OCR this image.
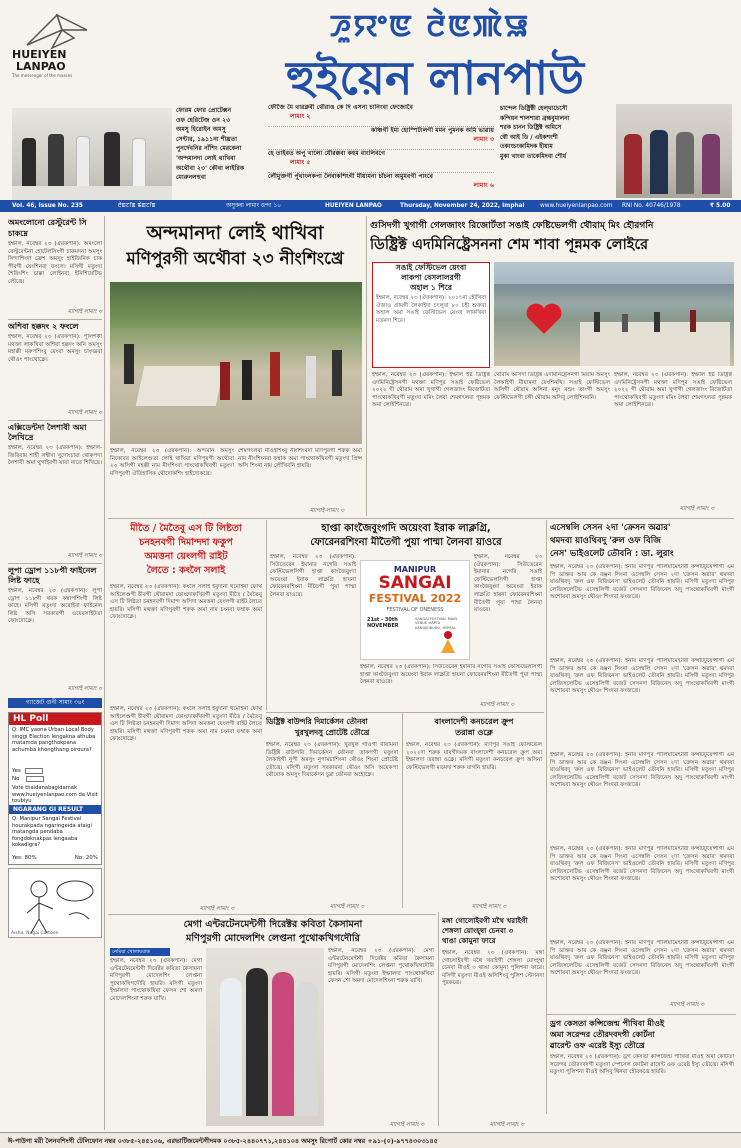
HUEIYEN
LANPAO
The messenger of the masses
ꯍꯨꯌꯦꯟ ꯂꯥꯟꯄꯥꯎ
হুইয়েন লানপাউ
ফোরম ফোর প্রোটেক্সন
ওফ হেরিটেজ ওন ২৩
অমসু হিরোইন অমসু
সেন্টার, ১৯১১না শীঘ্রতা
পুনর্দেবনির নাঁশিং মেরকেনা
'অন্দমানদা লোই থাখিবা
অথৌবা ২৩' কৌবা লাইরিক
মোরুনলহুবা
ফৌজৈ মৈ থারক্লবী থৌরাঙ কে দি এসনা চানিংবা ফেজোবৈ
লামাং ২
কঞ্চিগী ইমা হোস্পিটালগী মমন পুমনক অমি ভাৱায়
লামাং ৩
হে তাইবত অপু খালো যৌরক্কবা কহম বাংলিবগে
লামাং ৫
লৌমুক্তগী পুঁথাংলকপা লৈবাকশিংগী মীয়ামনা চাঁচনা অমুমবগী পাংবে
লামাং ৬
চান্দেল ডিষ্ট্রিক্টী হেল্থ্যচেসৌ
কন্দিয়ন শালশারা ব্রহ্মবুমালনা
শরক চানন ডিষ্ট্রিক্ট অমিসে
স্বৌ আই ডি / এইকশংশী
তকাংচংকামিদক হীয়াম
মুকা খাংবা তাকেমিদবা শৌর্য
Vol. 46, Issue No. 235	ꯂꯥꯡꯖꯤꯡ ꯃꯥꯡꯖꯤꯡ	অসুকৰা লামাং ঙন্দা ১০	HUEIYEN LANPAO	Thursday, November 24, 2022, Imphal	www.hueiyenlanpao.com RNI No. 40746/1978	₹ 5.00
অমংলোনো রেস্টুরেন্ট সি চাকম্নে
ইম্ফাল, নবেম্বর ২৩ (ঐরকপান): অমংলো রেস্টুরেন্টনা হোটেলসিংগী চাকমদনা অমসুং সিন্দাশিংদা ফ্রেশ অমসুং হাইজিনিক চাক পীবগী যেংশিনবা ফংলে। মসিগী মতুংদা শৈরিংশিং চাক্কা লোইনবা ইনিশিয়েটিভ লৌখ্রে।
ম্যাগাই লামাং ৩
অশিবা হক্কদং ২ ফংলে
ইম্ফাল, নবেম্বর ২৩ (ঐরকপান): পুলিশকী মথক্তা লাকখিবা অশিবা হক্কদং অনি অমসুং মহাক্কী মরুপশিংবু য়েংবা অমসুং চাংদম্নবা থৌওং পাংথোক্লে।
ম্যাগাই লামাং ৩
এক্সিডেন্টদা লৈশাবী অমা লৈখিদ্রে
ইম্ফাল, নবেম্বর ২৩ (ঐরকপান): ইম্ফাল-জিরিবাম শাহী লম্বীদা খুদোংচাবা থোকপদা লৈশাবী অমা থুগাইবগী য়াবা নাতে শিখিদ্রে।
ম্যাগাই লামাং ৩
লুপা ড্রোপ ১১৮গী ফাইনেল লিষ্ট ফাহে
ইম্ফাল, নবেম্বর ২৩ (ঐরকপান): লুপা ড্রোপ ১১৮গী থবক কম্বাপশিংগী লিষ্ট ফাহে। মসিগী মতুংদা অরোইবা ফাইনেল লিষ্ট অসি সরকারগী ওয়েবসাইটতা ফোংদোক্লে।
ম্যাগাই লামাং ৩
গ্যাজেট গুনী সামাং ৩৪ং
HL Poll
Q: IMC yaona Urban Local Body singgi Election lengakna athuba matamda pangthokpana achumba khongthang oiroura?
Yes
No
Vote thaidanabagidamak www.hueiyenlanpao.com da Visit toubiyu
NGARANG GI RESULT
Q: Manipur Sangai Festival hourakpada ngaringeida ataigi matangda pendaba fongdoknakpas lengaaba kokadigra?
Yes: 80%	No: 20%
Aisha, Nagai Cartoon
অন্দমানদা লোই থাখিবা
মণিপুরগী অথৌবা ২৩ নীংশিংখ্রে
ইম্ফাল, নবেম্বর ২৩ (ঐরকপান): অন্দমান অমসুং নিকোবর আইলেণ্ডতা লোই থাখিবা মণিপুরগী অথৌবা ২৩ অসিগী মহক্কী নাম নীংশিংবা পাংথোকখিবগী মতুংদা মণিপুরগী ঐতিহাসিক থৌদোকশিং হাইদোকখ্রে।
শেমগৎলবা মীওইশিংবু নীংশিংবদা মণিপুরগী শরুক অমা নাম নীংশিংনবা ফম্বাক অমা পাংথোকখিবগী মতুংদা প্রিন্স অসি শিংনা নাম লৌখিবনি হায়রি।
ম্যাগাই লামাং ৩
গুসিদগী খুগাগী গেলজাংং রিজোর্টতা সঙাই ফেষ্টিভেলগী থৌরাম্ মিং হৌরগনি
ডিষ্ট্রিক্ট এদমিনিষ্ট্রেসননা শেম শাবা পূন্নমক লোইরে
সঙাই ফেস্টিভেল য়েংবা
লাকপা বেসলালরগী
অহাল ১ শিরে
ইম্ফাল, নবেম্বর ২৩ (ঐরকপান): ২০১৭না হৌখিবা ঐজাও গ্রামগী লৈকাইদা চৎলুবা ৮০ চহী শুরুবা অহাল অমা সঙাই ফেস্টিভেল য়েংবা লাকখিবা মতমদা শিরে।
ইম্ফাল, নবেম্বর ২৩ (ঐরকপান): ইম্ফাল ইষ্ট ডিষ্ট্রিক্ট এদমিনিষ্ট্রেসনগী মথক্তা মণিপুর সঙাই ফেষ্টিভেল ২০২২ গী থৌরাম অমা খুগাগী গেলজাংং রিজোর্টতা পাংথোকখিবগী মতুংদা মমিং লৈবা শেমগৎলবা পূন্নমক অমা লোইশিনখ্রে।
থৌরাম অসিদা ডিষ্ট্রিক্ট এদমিনিষ্ট্রেসনগী মিয়াম অমসুং লৈকাইগী মীয়ামনা য়েংশিনখি। সঙাই ফেস্টিভেল অসিগী থৌরাম অসিনা মনুং মশুং তাংগী অমসুং ফেস্টিভেলগী চঙ্গী থৌরাম অসিবু লোইশিনবনি।
ইম্ফাল, নবেম্বর ২৩ (ঐরকপান): ইম্ফাল ইষ্ট ডিষ্ট্রিক্ট এদমিনিষ্ট্রেসনগী মথক্তা মণিপুর সঙাই ফেষ্টিভেল ২০২২ গী থৌরাম অমা খুগাগী গেলজাংং রিজোর্টতা পাংথোকখিবগী মতুংদা মমিং লৈবা শেমগৎলবা পূন্নমক অমা লোইশিনখ্রে।
ম্যাগাই লামাং ৩
মীতৈ / মৈতৈবু এস টি লিষ্টতা
চনহনবগী দিমান্দদা ফকুপ
অমত্তনা য়েংলগী রাইট
লৈতে : কংলৈ সলাই
ইম্ফাল, নবেম্বর ২৩ (ঐরকপান): কংলৈ সলাই ইবুদানা থমোইনা ফোর্থ আইলেণ্ডগী চীবগী থৌরামদা ফোংদোকখিবগী মতুংদা মীতৈ / মৈতৈবু এস টি লিষ্টতা চনহনবগী দিমান্দ অসিদা অমত্তনা য়েংলগী রাইট লৈতে হায়রি। মসিগী মথক্তা মণিপুরগী শরুক অমা নাম চংনবা ফম্বাক অমা ফোংদোক্লে।
ইম্ফাল, নবেম্বর ২৩ (ঐরকপান): কংলৈ সলাই ইবুদানা থমোইনা ফোর্থ আইলেণ্ডগী চীবগী থৌরামদা ফোংদোকখিবগী মতুংদা মীতৈ / মৈতৈবু এস টি লিষ্টতা চনহনবগী দিমান্দ অসিদা অমত্তনা য়েংলগী রাইট লৈতে হায়রি। মসিগী মথক্তা মণিপুরগী শরুক অমা নাম চংনবা ফম্বাক অমা ফোংদোক্লে।
ম্যাগাই লামাং ৩
হাপ্তা কাংজৈবুংগদি অয়েংবা ইরাক লাক্লগ্রি,
ফোরেনরশিংনা মীতৈগী পুয়া পাম্মা লৈনবা য়াওরে
ইম্ফাল, নবেম্বর ২৩ (ঐরকপান): সিউতেরেন ইমানার নগেরি সঙাই ফেস্টিভেলসিগী হাপ্তা কাংজৈবুংদা অয়েংবা ইরাক লাক্লগ্রি হায়না ফোরেনরশিংনা মীতৈগী পুয়া পাম্মা লৈনবা য়াওরে।
MANIPUR
SANGAI
FESTIVAL 2022
FESTIVAL OF ONENESS
21st - 30th NOVEMBER
SANGAI FESTIVAL MAIN VENUE HAPTA KANGJEIBUNG, IMPHAL
ইম্ফাল, নবেম্বর ২৩ (ঐরকপান): সিউতেরেন ইমানার নগেরি সঙাই ফেস্টিভেলসিগী হাপ্তা কাংজৈবুংদা অয়েংবা ইরাক লাক্লগ্রি হায়না ফোরেনরশিংনা মীতৈগী পুয়া পাম্মা লৈনবা য়াওরে।
ইম্ফাল, নবেম্বর ২৩ (ঐরকপান): সিউতেরেন ইমানার নগেরি সঙাই ফেস্টিভেলসিগী হাপ্তা কাংজৈবুংদা অয়েংবা ইরাক লাক্লগ্রি হায়না ফোরেনরশিংনা মীতৈগী পুয়া পাম্মা লৈনবা য়াওরে।
ম্যাগাই লামাং ৩
এসেম্বলি সেসন ২দা 'ক্রেসন অৱার'
থমদবা য়াওথিবদু 'রুল ওফ বিজি
নেস' ভাইওলেট তৌবনি : ডা. লুরাং
ইম্ফাল, নবেম্বর ২৩ (ঐরকপান): ইনার মণিপুর পার্লিয়ামেন্টারী কন্সটিটুয়েন্সীগী এম পি ডাক্তর আর কে রঞ্জন সিংনা এসেম্বলি সেসন ২দা 'ক্রেসন অৱার' থমদবা য়াওথিবদু 'রুল ওফ বিজিনেস' ভাইওলেট তৌবনি হায়রি। মসিগী মতুংদা মণিপুর লেজিসলেটিভ এসেম্বলিগী বজেট সেসনদা বিজিনেস অদু পাংথোকখিবগী মাংগী অশোয়বা অমসুং থৌওং শিংদবা ফংজখ্রে।
ইম্ফাল, নবেম্বর ২৩ (ঐরকপান): ইনার মণিপুর পার্লিয়ামেন্টারী কন্সটিটুয়েন্সীগী এম পি ডাক্তর আর কে রঞ্জন সিংনা এসেম্বলি সেসন ২দা 'ক্রেসন অৱার' থমদবা য়াওথিবদু 'রুল ওফ বিজিনেস' ভাইওলেট তৌবনি হায়রি। মসিগী মতুংদা মণিপুর লেজিসলেটিভ এসেম্বলিগী বজেট সেসনদা বিজিনেস অদু পাংথোকখিবগী মাংগী অশোয়বা অমসুং থৌওং শিংদবা ফংজখ্রে।
ইম্ফাল, নবেম্বর ২৩ (ঐরকপান): ইনার মণিপুর পার্লিয়ামেন্টারী কন্সটিটুয়েন্সীগী এম পি ডাক্তর আর কে রঞ্জন সিংনা এসেম্বলি সেসন ২দা 'ক্রেসন অৱার' থমদবা য়াওথিবদু 'রুল ওফ বিজিনেস' ভাইওলেট তৌবনি হায়রি। মসিগী মতুংদা মণিপুর লেজিসলেটিভ এসেম্বলিগী বজেট সেসনদা বিজিনেস অদু পাংথোকখিবগী মাংগী অশোয়বা অমসুং থৌওং শিংদবা ফংজখ্রে।
ইম্ফাল, নবেম্বর ২৩ (ঐরকপান): ইনার মণিপুর পার্লিয়ামেন্টারী কন্সটিটুয়েন্সীগী এম পি ডাক্তর আর কে রঞ্জন সিংনা এসেম্বলি সেসন ২দা 'ক্রেসন অৱার' থমদবা য়াওথিবদু 'রুল ওফ বিজিনেস' ভাইওলেট তৌবনি হায়রি। মসিগী মতুংদা মণিপুর লেজিসলেটিভ এসেম্বলিগী বজেট সেসনদা বিজিনেস অদু পাংথোকখিবগী মাংগী অশোয়বা অমসুং থৌওং শিংদবা ফংজখ্রে।
ইম্ফাল, নবেম্বর ২৩ (ঐরকপান): ইনার মণিপুর পার্লিয়ামেন্টারী কন্সটিটুয়েন্সীগী এম পি ডাক্তর আর কে রঞ্জন সিংনা এসেম্বলি সেসন ২দা 'ক্রেসন অৱার' থমদবা য়াওথিবদু 'রুল ওফ বিজিনেস' ভাইওলেট তৌবনি হায়রি। মসিগী মতুংদা মণিপুর লেজিসলেটিভ এসেম্বলিগী বজেট সেসনদা বিজিনেস অদু পাংথোকখিবগী মাংগী অশোয়বা অমসুং থৌওং শিংদবা ফংজখ্রে।
ম্যাগাই লামাং ৩
ডিষ্ট্রিক্ট বাউন্দরি দিমার্কেসন তৌনবা
খুরখুলদসু প্রোটেষ্ট তৌখ্রে
ইম্ফাল, নবেম্বর ২৩ (ঐরকপান): খুরখুল গাঁওগী মীয়ামনা ডিষ্ট্রিক্ট বাউন্দরি দিমার্কেসন তৌনবা তাকপগী মতুংদা লৈকাইগী নুপী অমসুং নুপামচাশিংনা থৌওং শিংনা প্রোটেষ্ট তৌখ্রে। মসিগী মতুংদা সরকারনা থৌওং অসি অয়েকপা থৌদোক অমসুং দিমার্কেসন চুম্না তৌনবা অহোক্লে।
ম্যাগাই লামাং ৩
বাংলাদেশী কনচরেল ক্রুপ
তরান্না ওক্লে
ইম্ফাল, নবেম্বর ২৩ (ঐরকপান): মণিপুর সঙাই ফেস্টিভেল ২০২২দা শরুক য়াবগীদমক বাংলাদেশী কনচরেল ক্রুপ অমা ইম্ফালদা তরান্না ওক্লে। মসিগী মতুংদা কনচরেল ক্রুপ অসিনা ফেস্টিভেলগী মতমদা শরুক য়াগনি হায়রি।
ম্যাগাই লামাং ৩
মেগা এন্টরটেনমেন্টগী দিরেক্টর কবিতা কৈসামনা
মণিপুরগী মোদেলশিং লেপ্তনা পুথোকখিগদৌরি
নেমিয়া খোলায়বাক
ইম্ফাল, নবেম্বর ২৩ (ঐরকপান): মেগা এন্টরটেনমেন্টগী দিরেক্টর কবিতা কৈসামনা মণিপুরগী মোদেলশিং লেপ্তনা পুথোকখিগদৌরি হায়রি। মসিগী মতুংদা ইম্ফালদা পাংথোকখিবা ফেসন শো অমদা মোদেলশিংনা শরুক য়াখি।
ইম্ফাল, নবেম্বর ২৩ (ঐরকপান): মেগা এন্টরটেনমেন্টগী দিরেক্টর কবিতা কৈসামনা মণিপুরগী মোদেলশিং লেপ্তনা পুথোকখিগদৌরি হায়রি। মসিগী মতুংদা ইম্ফালদা পাংথোকখিবা ফেসন শো অমদা মোদেলশিংনা শরুক য়াখি।
ম্যাগাই লামাং ৩
মঙ্গা গোলোইবগী মথৈ খরাইগী
শেঙ্গলা য়োংহ্ম্বা চেনবা ৩
থাঙা কোমুনা ফারে
ইম্ফাল, নবেম্বর ২৩ (ঐরকপান): মঙ্গা গোলোইবগী মথৈ খরাইগী শেঙ্গলা য়োংহ্ম্বা চেনবা মীওই ৩ থাঙা কোমুনা পুলিশনা ফারে। মসিগী মতুংদা মীওই অসিশিংবু পুলিশ স্টেসনদা পুরকখ্রে।
ম্যাগাই লামাং ৩
ড্রগ কেসতা কন্সিজেন্ম পীখিবা মীওই
অমা সরেন্দর তৌরদবদগী কোর্টনা
ৱারেন্ট ওফ এরেষ্ট ইস্যু তৌখ্রে
ইম্ফাল, নবেম্বর ২৩ (ঐরকপান): ড্রগ কেসতা কন্সিজেন্ম পীখিবা মীওই অমা কোর্টতা সরেন্দর তৌরদবদগী মতুংদা স্পেসেল কোর্টনা ৱারেন্ট ওফ এরেষ্ট ইস্যু তৌখ্রে। মসিগী মতুংদা পুলিশনা মীওই অসিবু থিনবা হৌরকখ্রে হায়রি।
ঈ-পাউগা মরী লৈনবশিংগী টেলিফোন নম্বর ০৩৮৫-২৪৫১০৬, এরভার্টিজমেন্টগীদমক ০৩৮৫-২৪৪০৭৭১,২৪৪১০৪ অমসুং রিপোর্ট কোর নম্বর +৯১-(০)-৯৭৭৪৩০৩১৪৫
